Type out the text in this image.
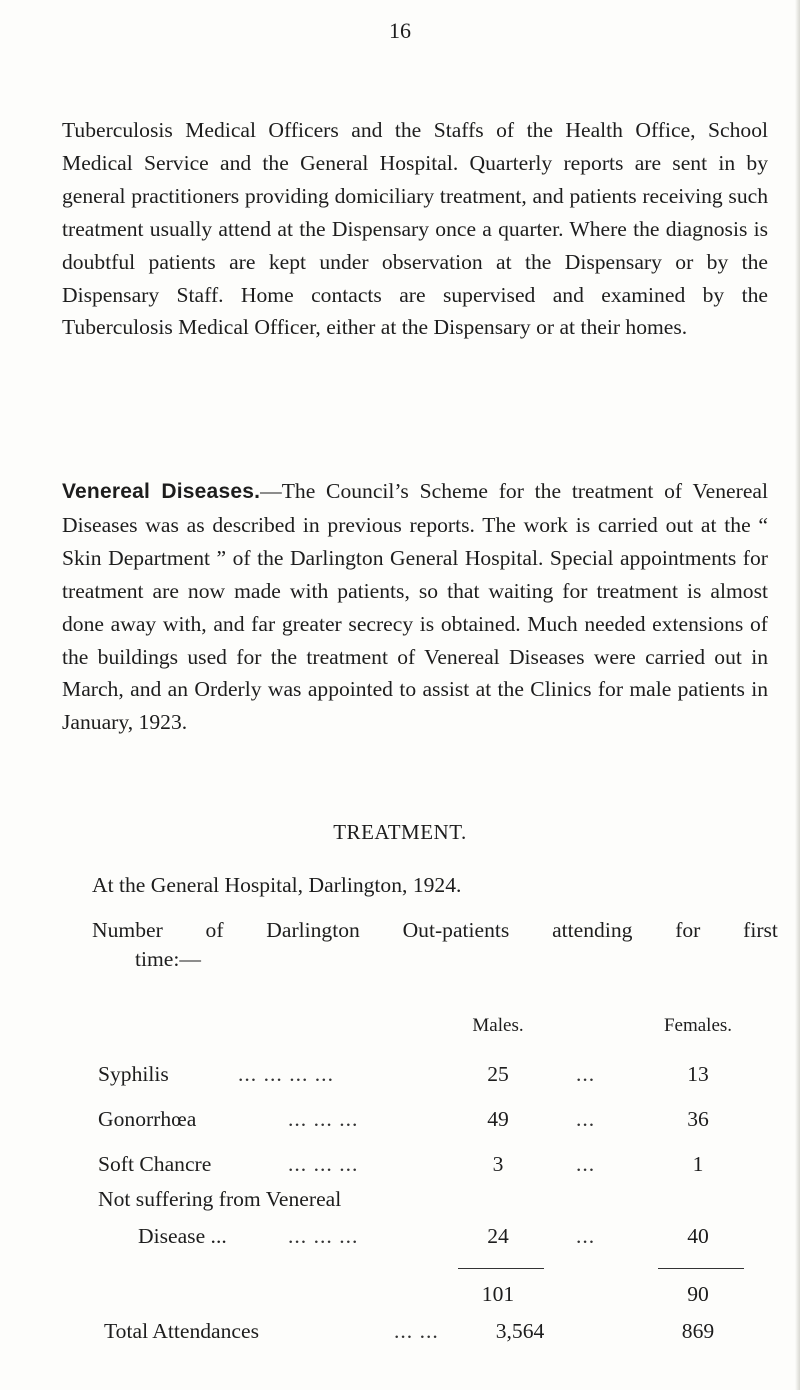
16

Tuberculosis Medical Officers and the Staffs of the Health Office, School Medical Service and the General Hospital. Quarterly reports are sent in by general practitioners providing domiciliary treatment, and patients receiving such treatment usually attend at the Dispensary once a quarter. Where the diagnosis is doubtful patients are kept under observation at the Dispensary or by the Dispensary Staff. Home contacts are supervised and examined by the Tuberculosis Medical Officer, either at the Dispensary or at their homes.

Venereal Diseases.—The Council’s Scheme for the treatment of Venereal Diseases was as described in previous reports. The work is carried out at the “ Skin Department ” of the Darlington General Hospital. Special appointments for treatment are now made with patients, so that waiting for treatment is almost done away with, and far greater secrecy is obtained. Much needed extensions of the buildings used for the treatment of Venereal Diseases were carried out in March, and an Orderly was appointed to assist at the Clinics for male patients in January, 1923.

TREATMENT.
At the General Hospital, Darlington, 1924.
Number of Darlington Out-patients attending for first
time:—
Males.	Females.
Syphilis	... ... ... ...	25	...	13
Gonorrhœa	... ... ...	49	...	36
Soft Chancre	... ... ...	3	...	1
Not suffering from Venereal
Disease ...	... ... ...	24	...	40
101	90
Total Attendances	... ...	3,564	869
